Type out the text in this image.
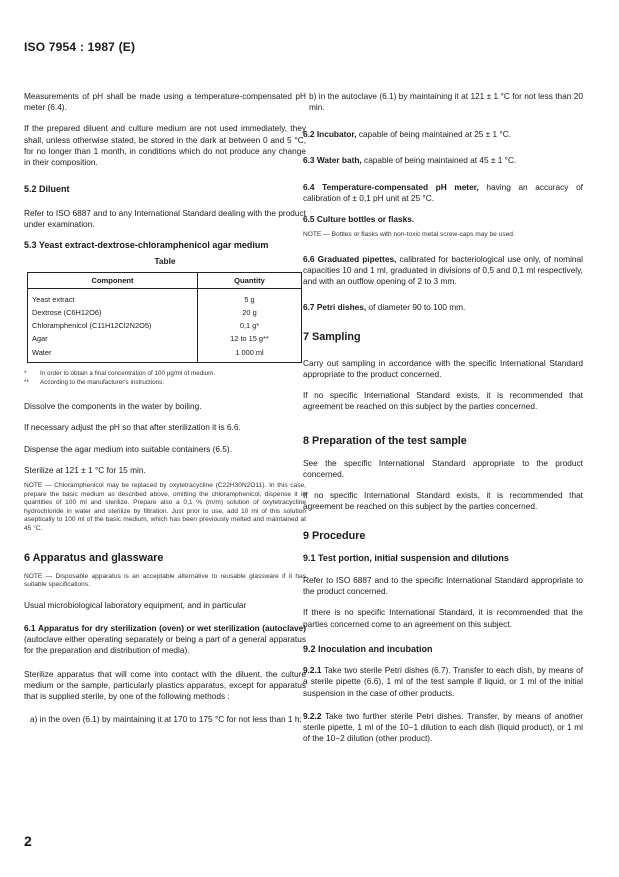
ISO 7954 : 1987 (E)

Measurements of pH shall be made using a temperature-compensated pH meter (6.4).

If the prepared diluent and culture medium are not used immediately, they shall, unless otherwise stated, be stored in the dark at between 0 and 5 °C, for no longer than 1 month, in conditions which do not produce any change in their composition.

5.2 Diluent

Refer to ISO 6887 and to any International Standard dealing with the product under examination.

5.3 Yeast extract-dextrose-chloramphenicol agar medium
Table
Component	Quantity
Yeast extract	5 g
Dextrose (C6H12O6)	20 g
Chloramphenicol (C11H12Cl2N2O5)	0,1 g*
Agar	12 to 15 g**
Water	1 000 ml
*	In order to obtain a final concentration of 100 µg/ml of medium.
**	According to the manufacturer's instructions.

Dissolve the components in the water by boiling.

If necessary adjust the pH so that after sterilization it is 6.6.

Dispense the agar medium into suitable containers (6.5).

Sterilize at 121 ± 1 °C for 15 min.

NOTE — Chloramphenicol may be replaced by oxytetracycline (C22H30N2O11). In this case, prepare the basic medium as described above, omitting the chloramphenicol, dispense it in quantities of 100 ml and sterilize. Prepare also a 0,1 % (m/m) solution of oxytetracycline hydrochloride in water and sterilize by filtration. Just prior to use, add 10 ml of this solution aseptically to 100 ml of the basic medium, which has been previously melted and maintained at 45 °C.

6 Apparatus and glassware

NOTE — Disposable apparatus is an acceptable alternative to reusable glassware if it has suitable specifications.

Usual microbiological laboratory equipment, and in particular

6.1 Apparatus for dry sterilization (oven) or wet sterilization (autoclave) (autoclave either operating separately or being a part of a general apparatus for the preparation and distribution of media).

Sterilize apparatus that will come into contact with the diluent, the culture medium or the sample, particularly plastics apparatus, except for apparatus that is supplied sterile, by one of the following methods :

a) in the oven (6.1) by maintaining it at 170 to 175 °C for not less than 1 h;

b) in the autoclave (6.1) by maintaining it at 121 ± 1 °C for not less than 20 min.

6.2 Incubator, capable of being maintained at 25 ± 1 °C.

6.3 Water bath, capable of being maintained at 45 ± 1 °C.

6.4 Temperature-compensated pH meter, having an accuracy of calibration of ± 0,1 pH unit at 25 °C.

6.5 Culture bottles or flasks.

NOTE — Bottles or flasks with non-toxic metal screw-caps may be used.

6.6 Graduated pipettes, calibrated for bacteriological use only, of nominal capacities 10 and 1 ml, graduated in divisions of 0,5 and 0,1 ml respectively, and with an outflow opening of 2 to 3 mm.

6.7 Petri dishes, of diameter 90 to 100 mm.

7 Sampling

Carry out sampling in accordance with the specific International Standard appropriate to the product concerned.

If no specific International Standard exists, it is recommended that agreement be reached on this subject by the parties concerned.

8 Preparation of the test sample

See the specific International Standard appropriate to the product concerned.

If no specific International Standard exists, it is recommended that agreement be reached on this subject by the parties concerned.

9 Procedure
9.1 Test portion, initial suspension and dilutions

Refer to ISO 6887 and to the specific International Standard appropriate to the product concerned.

If there is no specific International Standard, it is recommended that the parties concerned come to an agreement on this subject.

9.2 Inoculation and incubation

9.2.1 Take two sterile Petri dishes (6.7). Transfer to each dish, by means of a sterile pipette (6.6), 1 ml of the test sample if liquid, or 1 ml of the initial suspension in the case of other products.

9.2.2 Take two further sterile Petri dishes. Transfer, by means of another sterile pipette, 1 ml of the 10−1 dilution to each dish (liquid product), or 1 ml of the 10−2 dilution (other product).

2
